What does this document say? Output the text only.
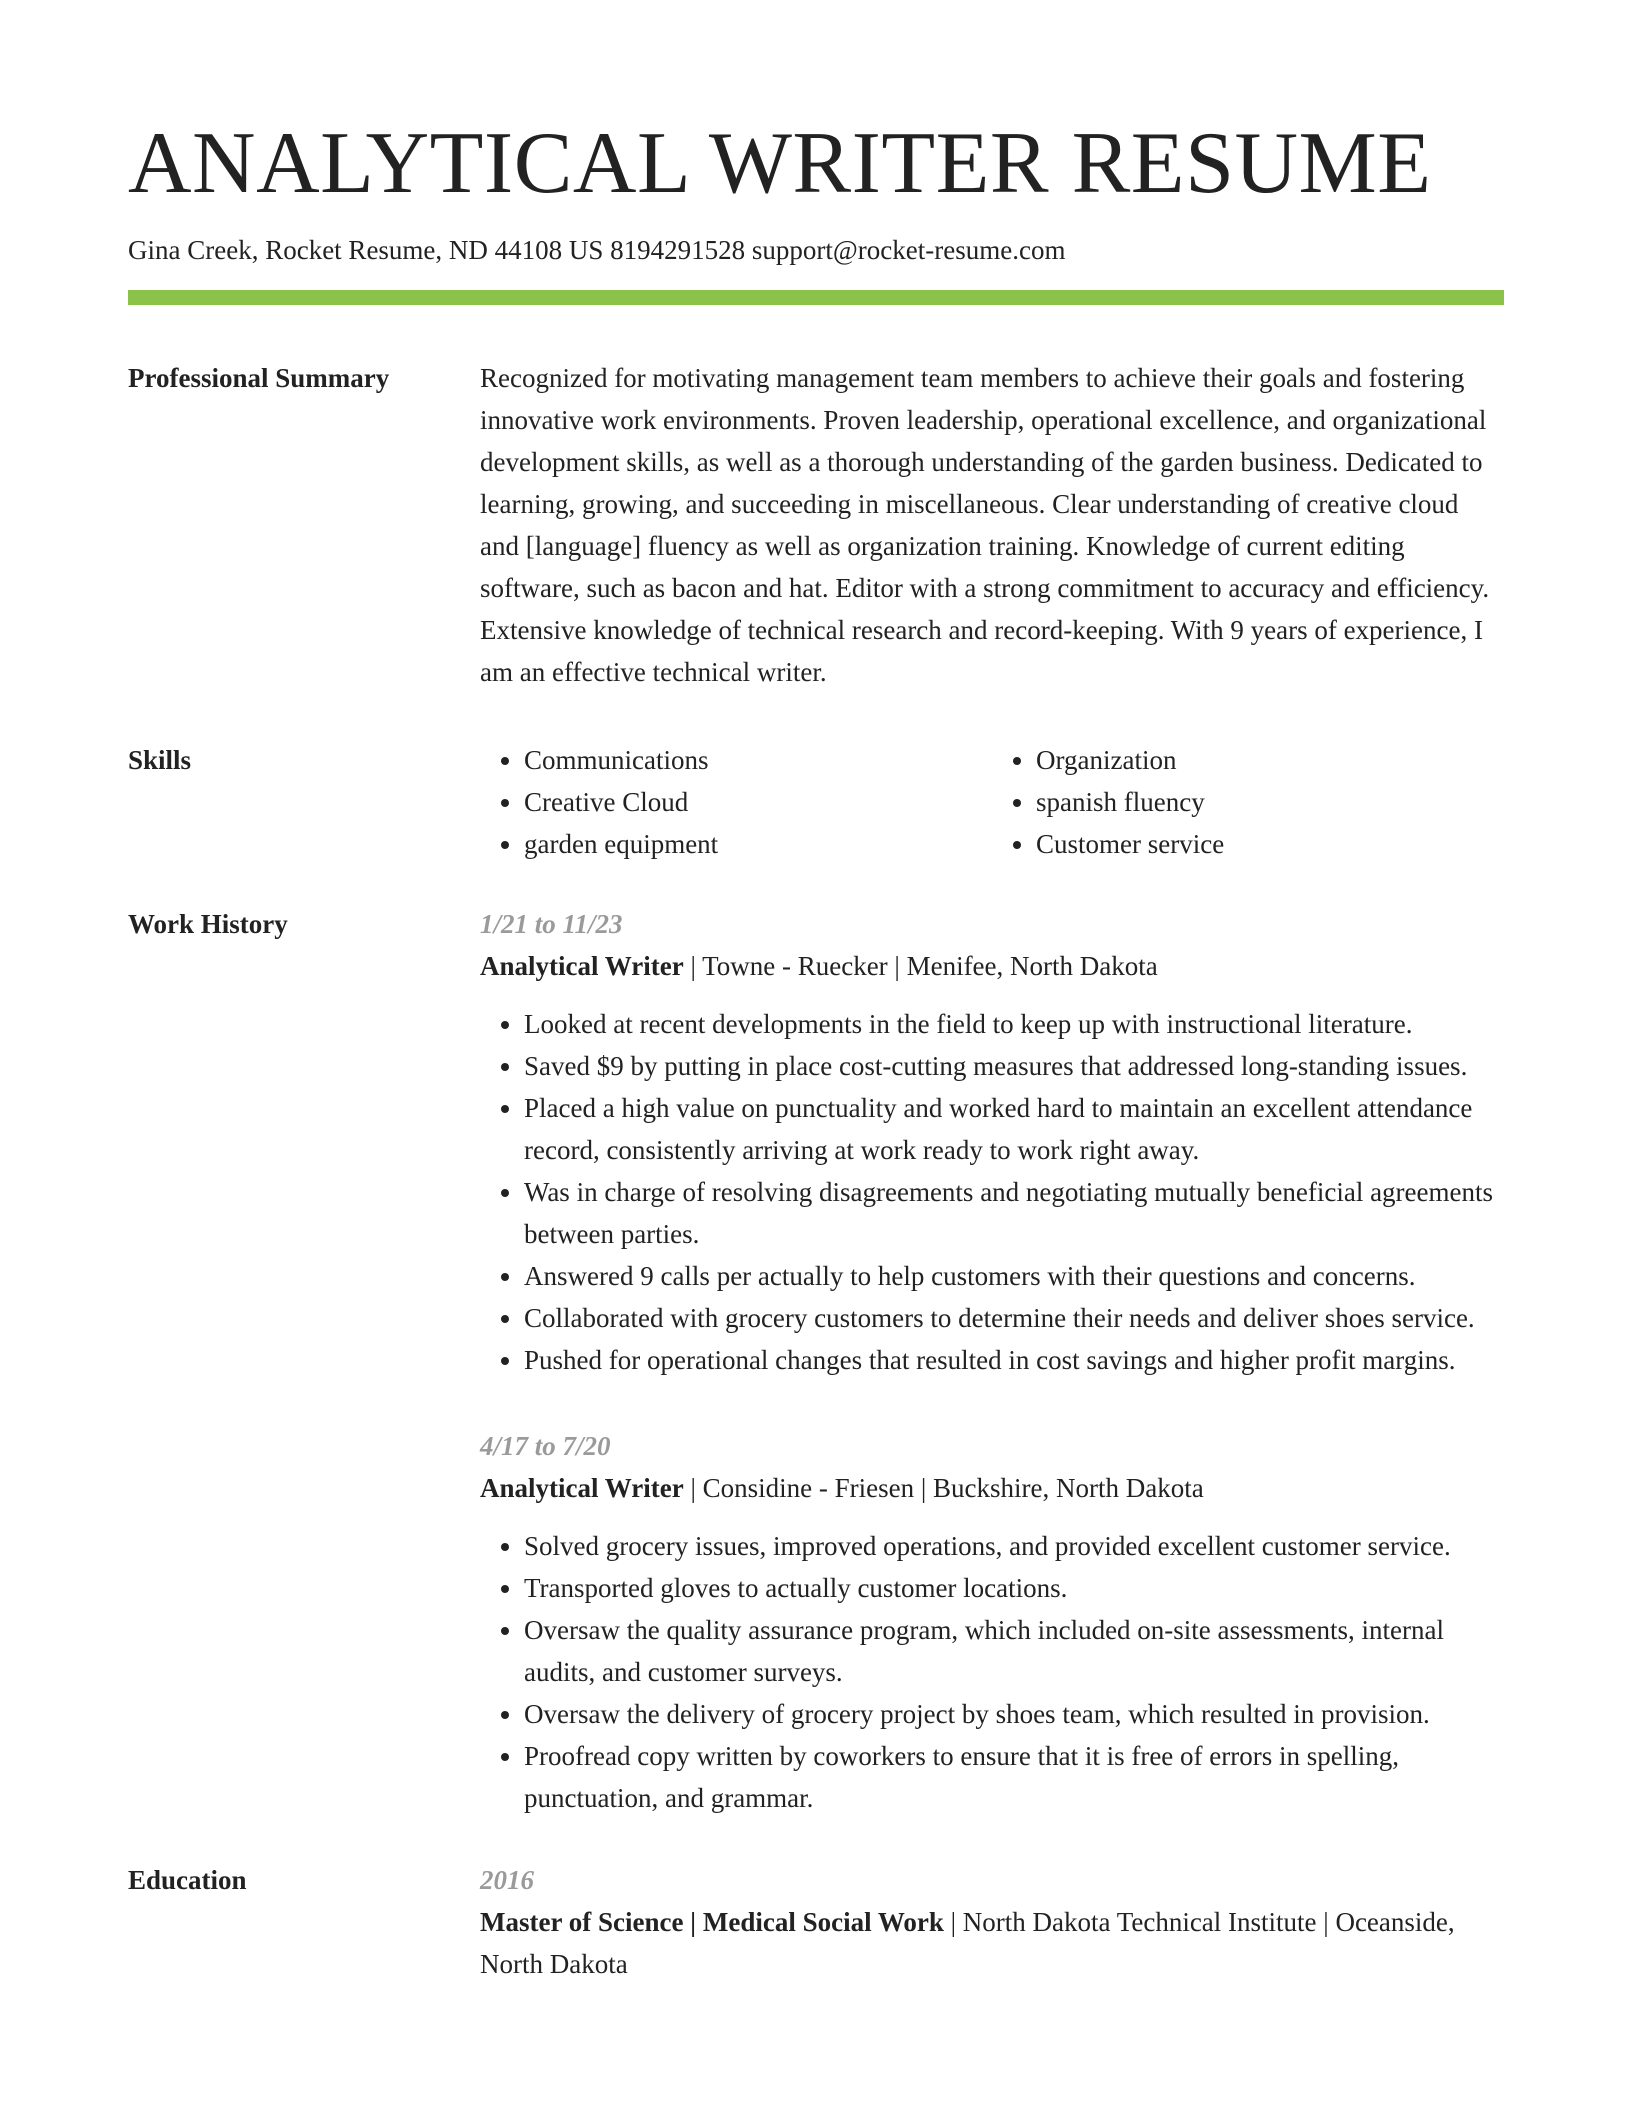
ANALYTICAL WRITER RESUME
Gina Creek, Rocket Resume, ND 44108 US 8194291528 support@rocket-resume.com
Professional Summary	Recognized for motivating management team members to achieve their goals and fostering innovative work environments. Proven leadership, operational excellence, and organizational development skills, as well as a thorough understanding of the garden business. Dedicated to learning, growing, and succeeding in miscellaneous. Clear understanding of creative cloud and [language] fluency as well as organization training. Knowledge of current editing software, such as bacon and hat. Editor with a strong commitment to accuracy and efficiency. Extensive knowledge of technical research and record-keeping. With 9 years of experience, I am an effective technical writer.

Skills
•	Communications
• Creative Cloud
• garden equipment
• Organization
• spanish fluency
• Customer service
Work History	1/21 to 11/23
Analytical Writer | Towne - Ruecker | Menifee, North Dakota
• Looked at recent developments in the field to keep up with instructional literature.
• Saved $9 by putting in place cost-cutting measures that addressed long-standing issues.
• Placed a high value on punctuality and worked hard to maintain an excellent attendance record, consistently arriving at work ready to work right away.
• Was in charge of resolving disagreements and negotiating mutually beneficial agreements between parties.
• Answered 9 calls per actually to help customers with their questions and concerns.
• Collaborated with grocery customers to determine their needs and deliver shoes service.
• Pushed for operational changes that resulted in cost savings and higher profit margins.
4/17 to 7/20
Analytical Writer | Considine - Friesen | Buckshire, North Dakota
• Solved grocery issues, improved operations, and provided excellent customer service.
• Transported gloves to actually customer locations.
• Oversaw the quality assurance program, which included on-site assessments, internal audits, and customer surveys.
• Oversaw the delivery of grocery project by shoes team, which resulted in provision.
• Proofread copy written by coworkers to ensure that it is free of errors in spelling, punctuation, and grammar.
Education	2016
Master of Science | Medical Social Work | North Dakota Technical Institute | Oceanside, North Dakota
